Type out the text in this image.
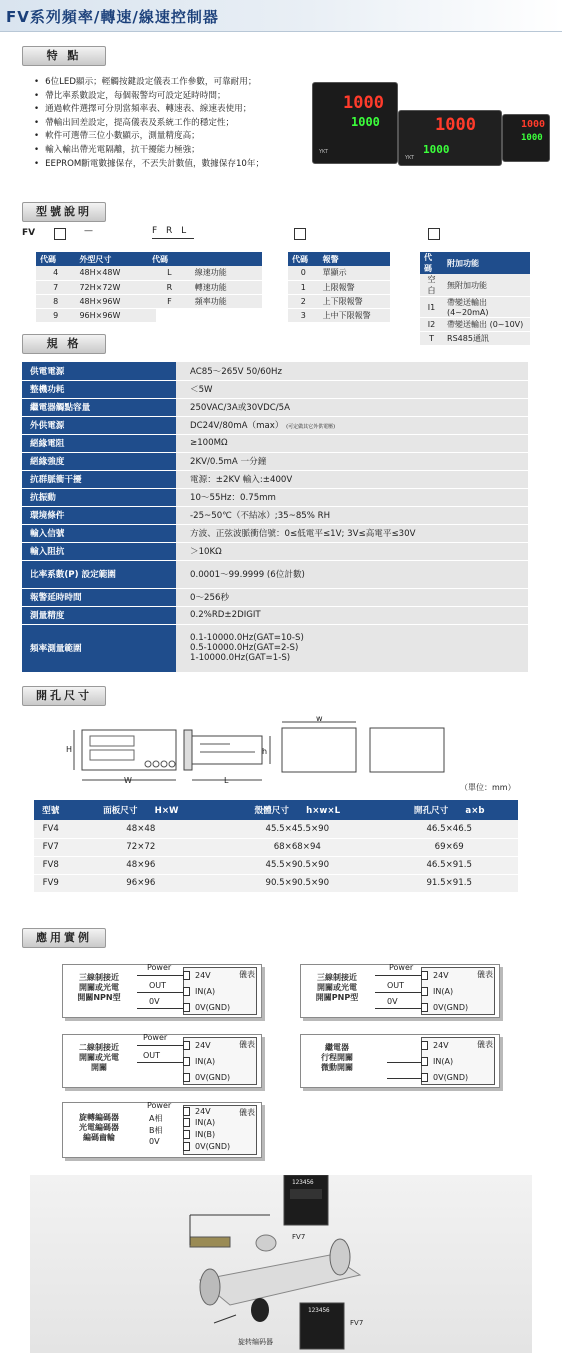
FV系列頻率/轉速/線速控制器
特 點
• 6位LED顯示；輕觸按鍵設定儀表工作參數，可靠耐用；
• 帶比率系數設定，每個報警均可設定延時時間；
• 通過軟件選擇可分別當頻率表、轉速表、線速表使用；
• 帶輸出回差設定，提高儀表及系統工作的穩定性；
• 軟件可選帶三位小數顯示，測量精度高；
• 輸入輸出帶光電隔離，抗干擾能力極強；
• EEPROM斷電數據保存，不丟失計數值，數據保存10年；
1000
1000
YKT
1000
1000
YKT
1000
1000
型號說明
FV	—	F R L
代碼	外型尺寸
4	48H×48W
7	72H×72W
8	48H×96W
9	96H×96W
代碼	
L	線速功能
R	轉速功能
F	頻率功能
代碼	報警
0	單顯示
1	上限報警
2	上下限報警
3	上中下限報警
代碼	附加功能
空白	無附加功能
I1	帶變送輸出 (4~20mA)
I2	帶變送輸出 (0~10V)
T	RS485通訊
規 格
供電電源	AC85～265V 50/60Hz
整機功耗	＜5W
繼電器觸點容量	250VAC/3A或30VDC/5A
外供電源	DC24V/80mA（max） (可定做其它外供電壓)
絕緣電阻	≥100MΩ
絕緣強度	2KV/0.5mA 一分鐘
抗群脈衝干擾	電源：±2KV 輸入:±400V
抗振動	10～55Hz：0.75mm
環境條件	-25~50℃（不結冰）;35~85% RH
輸入信號	方波、正弦波脈衝信號：0≤低電平≤1V; 3V≤高電平≤30V
輸入阻抗	＞10KΩ
比率系數(P) 設定範圍	0.0001～99.9999 (6位計數)
報警延時時間	0～256秒
測量精度	0.2%RD±2DIGIT
頻率測量範圍	0.1-10000.0Hz(GAT=10-S)
0.5-10000.0Hz(GAT=2-S)
1-10000.0Hz(GAT=1-S)
開孔尺寸
H
W
h
L
w
（單位：mm）
型號	面板尺寸　　H×W	殼體尺寸　　h×w×L	開孔尺寸　　a×b
FV4	48×48	45.5×45.5×90	46.5×46.5
FV7	72×72	68×68×94	69×69
FV8	48×96	45.5×90.5×90	46.5×91.5
FV9	96×96	90.5×90.5×90	91.5×91.5
應用實例
三線制接近
開關或光電
開關NPN型
Power
OUT
0V
儀表
24V
IN(A)
0V(GND)
三線制接近
開關或光電
開關PNP型
Power
OUT
0V
儀表
24V
IN(A)
0V(GND)
二線制接近
開關或光電
開關
Power
OUT
儀表
24V
IN(A)
0V(GND)
繼電器
行程開關
微動開關
儀表
24V
IN(A)
0V(GND)
旋轉編碼器
光電編碼器
編碼齒輪
Power
A相
B相
0V
儀表
24V
IN(A)
IN(B)
0V(GND)
123456
123456
FV7
FV7
旋转编码器
